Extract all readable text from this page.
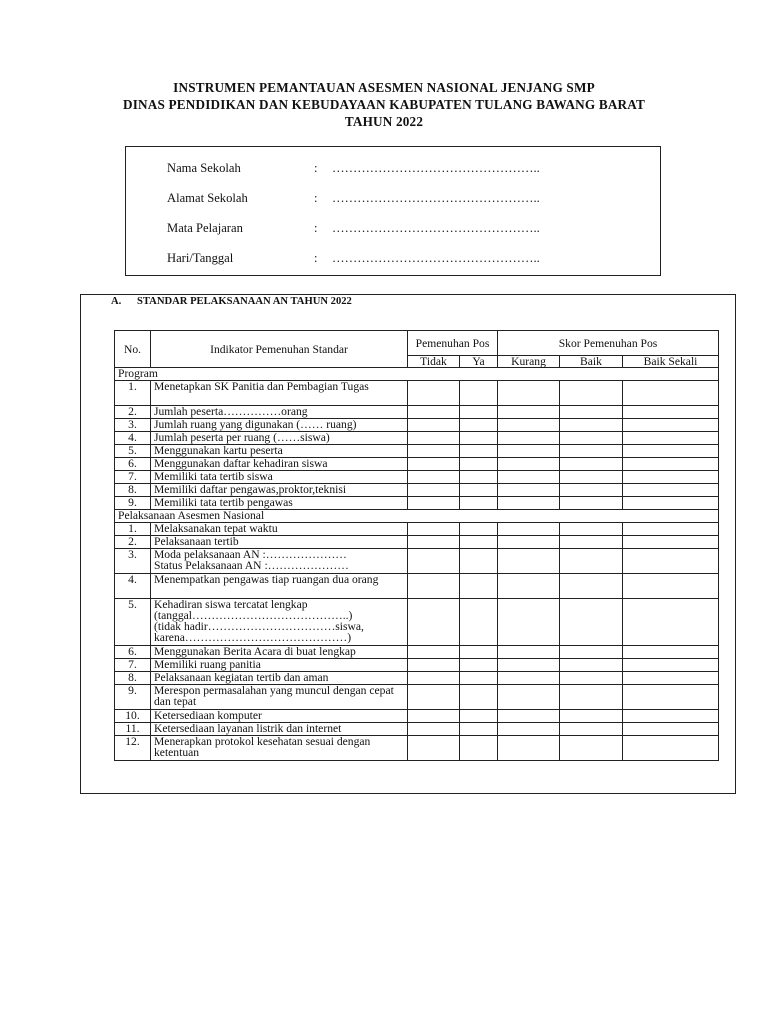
INSTRUMEN PEMANTAUAN ASESMEN NASIONAL JENJANG SMP
DINAS PENDIDIKAN DAN KEBUDAYAAN KABUPATEN TULANG BAWANG BARAT
TAHUN 2022
Nama Sekolah	: …………………………………………..
Alamat Sekolah	: …………………………………………..
Mata Pelajaran	: …………………………………………..
Hari/Tanggal	: …………………………………………..
A. STANDAR PELAKSANAAN AN TAHUN 2022
No.	Indikator Pemenuhan Standar	Pemenuhan Pos		Skor Pemenuhan Pos		
		Tidak	Ya	Kurang	Baik	Baik Sekali
Program						
1.	Menetapkan SK Panitia dan Pembagian Tugas					

2.	Jumlah peserta……………orang					

3.	Jumlah ruang yang digunakan (…… ruang)					

4.	Jumlah peserta per ruang (……siswa)					

5.	Menggunakan kartu peserta					

6.	Menggunakan daftar kehadiran siswa					

7.	Memiliki tata tertib siswa					

8.	Memiliki daftar pengawas,proktor,teknisi					

9.	Memiliki tata tertib pengawas					

Pelaksanaan Asesmen Nasional						
1.	Melaksanakan tepat waktu					

2.	Pelaksanaan tertib					

3.	Moda pelaksanaan AN :…………………
Status Pelaksanaan AN :…………………					

4.	Menempatkan pengawas tiap ruangan dua orang					

5.	Kehadiran siswa tercatat lengkap
(tanggal…………………………………..)
(tidak hadir……………………………siswa,
karena……………………………………)					

6.	Menggunakan Berita Acara di buat lengkap					

7.	Memiliki ruang panitia					

8.	Pelaksanaan kegiatan tertib dan aman					

9.	Merespon permasalahan yang muncul dengan cepat dan tepat					

10.	Ketersediaan komputer					

11.	Ketersediaan layanan listrik dan internet					

12.	Menerapkan protokol kesehatan sesuai dengan ketentuan					
